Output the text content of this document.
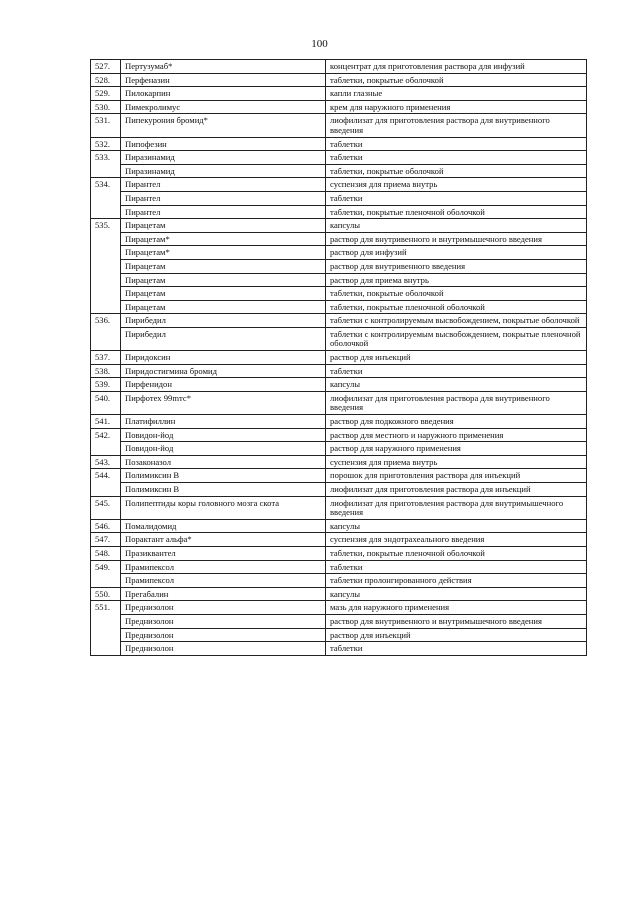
100
527.	Пертузумаб*	концентрат для приготовления раствора для инфузий
528.	Перфеназин	таблетки, покрытые оболочкой
529.	Пилокарпин	капли глазные
530.	Пимекролимус	крем для наружного применения
531.	Пипекурония бромид*	лиофилизат для приготовления раствора для внутривенного введения
532.	Пипофезин	таблетки
533.	Пиразинамид	таблетки
	Пиразинамид	таблетки, покрытые оболочкой
534.	Пирантел	суспензия для приема внутрь
	Пирантел	таблетки
	Пирантел	таблетки, покрытые пленочной оболочкой
535.	Пирацетам	капсулы
	Пирацетам*	раствор для внутривенного и внутримышечного введения
	Пирацетам*	раствор для инфузий
	Пирацетам	раствор для внутривенного введения
	Пирацетам	раствор для приема внутрь
	Пирацетам	таблетки, покрытые оболочкой
	Пирацетам	таблетки, покрытые пленочной оболочкой
536.	Пирибедил	таблетки с контролируемым высвобождением, покрытые оболочкой
	Пирибедил	таблетки с контролируемым высвобождением, покрытые пленочной оболочкой
537.	Пиридоксин	раствор для инъекций
538.	Пиридостигмина бромид	таблетки
539.	Пирфенидон	капсулы
540.	Пирфотех 99mтс*	лиофилизат для приготовления раствора для внутривенного введения
541.	Платифиллин	раствор для подкожного введения
542.	Повидон-йод	раствор для местного и наружного применения
	Повидон-йод	раствор для наружного применения
543.	Позаконазол	суспензия для приема внутрь
544.	Полимиксин В	порошок для приготовления раствора для инъекций
	Полимиксин В	лиофилизат для приготовления раствора для инъекций
545.	Полипептиды коры головного мозга скота	лиофилизат для приготовления раствора для внутримышечного введения
546.	Помалидомид	капсулы
547.	Порактант альфа*	суспензия для эндотрахеального введения
548.	Празиквантел	таблетки, покрытые пленочной оболочкой
549.	Прамипексол	таблетки
	Прамипексол	таблетки пролонгированного действия
550.	Прегабалин	капсулы
551.	Преднизолон	мазь для наружного применения
	Преднизолон	раствор для внутривенного и внутримышечного введения
	Преднизолон	раствор для инъекций
	Преднизолон	таблетки
